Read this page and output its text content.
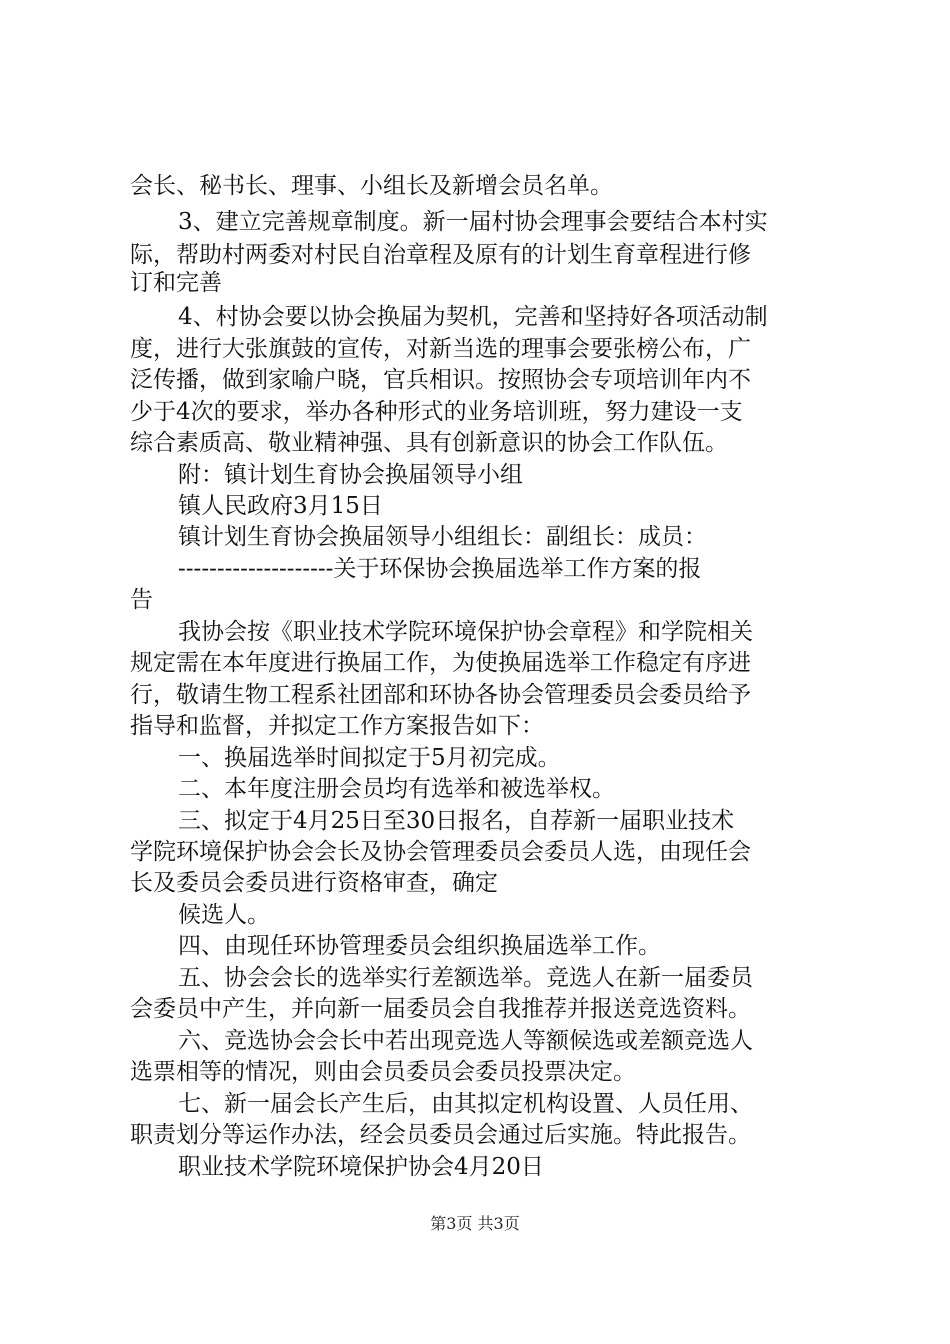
会长、秘书长、理事、小组长及新增会员名单。
3、建立完善规章制度。新一届村协会理事会要结合本村实
际，帮助村两委对村民自治章程及原有的计划生育章程进行修
订和完善
4、村协会要以协会换届为契机，完善和坚持好各项活动制
度，进行大张旗鼓的宣传，对新当选的理事会要张榜公布，广
泛传播，做到家喻户晓，官兵相识。按照协会专项培训年内不
少于4次的要求，举办各种形式的业务培训班，努力建设一支
综合素质高、敬业精神强、具有创新意识的协会工作队伍。
附：镇计划生育协会换届领导小组
镇人民政府3月15日
镇计划生育协会换届领导小组组长：副组长：成员：
--------------------关于环保协会换届选举工作方案的报
告
我协会按《职业技术学院环境保护协会章程》和学院相关
规定需在本年度进行换届工作，为使换届选举工作稳定有序进
行，敬请生物工程系社团部和环协各协会管理委员会委员给予
指导和监督，并拟定工作方案报告如下：
一、换届选举时间拟定于5月初完成。
二、本年度注册会员均有选举和被选举权。
三、拟定于4月25日至30日报名，自荐新一届职业技术
学院环境保护协会会长及协会管理委员会委员人选，由现任会
长及委员会委员进行资格审查，确定
候选人。
四、由现任环协管理委员会组织换届选举工作。
五、协会会长的选举实行差额选举。竞选人在新一届委员
会委员中产生，并向新一届委员会自我推荐并报送竞选资料。
六、竞选协会会长中若出现竞选人等额候选或差额竞选人
选票相等的情况，则由会员委员会委员投票决定。
七、新一届会长产生后，由其拟定机构设置、人员任用、
职责划分等运作办法，经会员委员会通过后实施。特此报告。
职业技术学院环境保护协会4月20日
第3页 共3页
